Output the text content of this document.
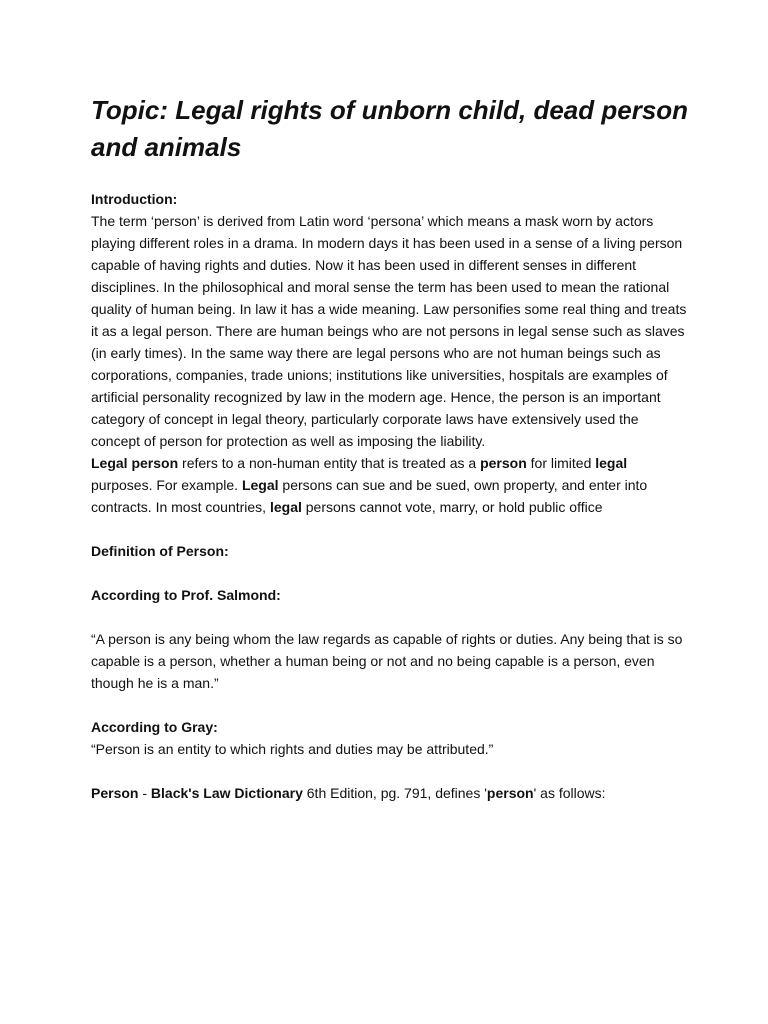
Topic: Legal rights of unborn child, dead person and animals

Introduction:

The term ‘person’ is derived from Latin word ‘persona’ which means a mask worn by actors playing different roles in a drama. In modern days it has been used in a sense of a living person capable of having rights and duties. Now it has been used in different senses in different disciplines. In the philosophical and moral sense the term has been used to mean the rational quality of human being. In law it has a wide meaning. Law personifies some real thing and treats it as a legal person. There are human beings who are not persons in legal sense such as slaves (in early times). In the same way there are legal persons who are not human beings such as corporations, companies, trade unions; institutions like universities, hospitals are examples of artificial personality recognized by law in the modern age. Hence, the person is an important category of concept in legal theory, particularly corporate laws have extensively used the concept of person for protection as well as imposing the liability.

Legal person refers to a non-human entity that is treated as a person for limited legal purposes. For example. Legal persons can sue and be sued, own property, and enter into contracts. In most countries, legal persons cannot vote, marry, or hold public office

Definition of Person:

According to Prof. Salmond:

“A person is any being whom the law regards as capable of rights or duties. Any being that is so capable is a person, whether a human being or not and no being capable is a person, even though he is a man.”

According to Gray:

“Person is an entity to which rights and duties may be attributed.”

Person - Black's Law Dictionary 6th Edition, pg. 791, defines 'person' as follows:
